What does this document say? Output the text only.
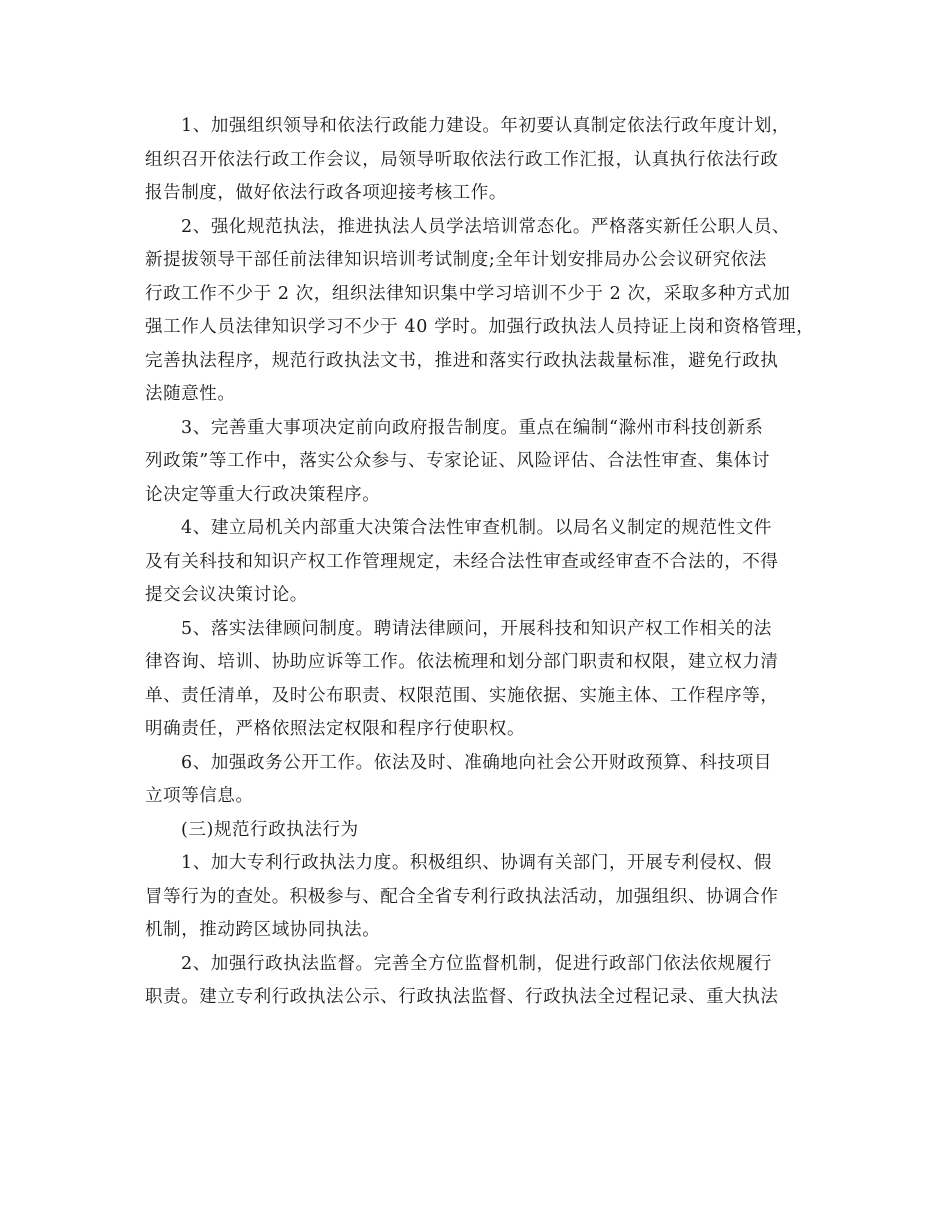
1、加强组织领导和依法行政能力建设。年初要认真制定依法行政年度计划，
组织召开依法行政工作会议，局领导听取依法行政工作汇报，认真执行依法行政
报告制度，做好依法行政各项迎接考核工作。
2、强化规范执法，推进执法人员学法培训常态化。严格落实新任公职人员、
新提拔领导干部任前法律知识培训考试制度;全年计划安排局办公会议研究依法
行政工作不少于 2 次，组织法律知识集中学习培训不少于 2 次，采取多种方式加
强工作人员法律知识学习不少于 40 学时。加强行政执法人员持证上岗和资格管理，
完善执法程序，规范行政执法文书，推进和落实行政执法裁量标准，避免行政执
法随意性。
3、完善重大事项决定前向政府报告制度。重点在编制“滁州市科技创新系
列政策”等工作中，落实公众参与、专家论证、风险评估、合法性审查、集体讨
论决定等重大行政决策程序。
4、建立局机关内部重大决策合法性审查机制。以局名义制定的规范性文件
及有关科技和知识产权工作管理规定，未经合法性审查或经审查不合法的，不得
提交会议决策讨论。
5、落实法律顾问制度。聘请法律顾问，开展科技和知识产权工作相关的法
律咨询、培训、协助应诉等工作。依法梳理和划分部门职责和权限，建立权力清
单、责任清单，及时公布职责、权限范围、实施依据、实施主体、工作程序等，
明确责任，严格依照法定权限和程序行使职权。
6、加强政务公开工作。依法及时、准确地向社会公开财政预算、科技项目
立项等信息。
(三)规范行政执法行为
1、加大专利行政执法力度。积极组织、协调有关部门，开展专利侵权、假
冒等行为的查处。积极参与、配合全省专利行政执法活动，加强组织、协调合作
机制，推动跨区域协同执法。
2、加强行政执法监督。完善全方位监督机制，促进行政部门依法依规履行
职责。建立专利行政执法公示、行政执法监督、行政执法全过程记录、重大执法
